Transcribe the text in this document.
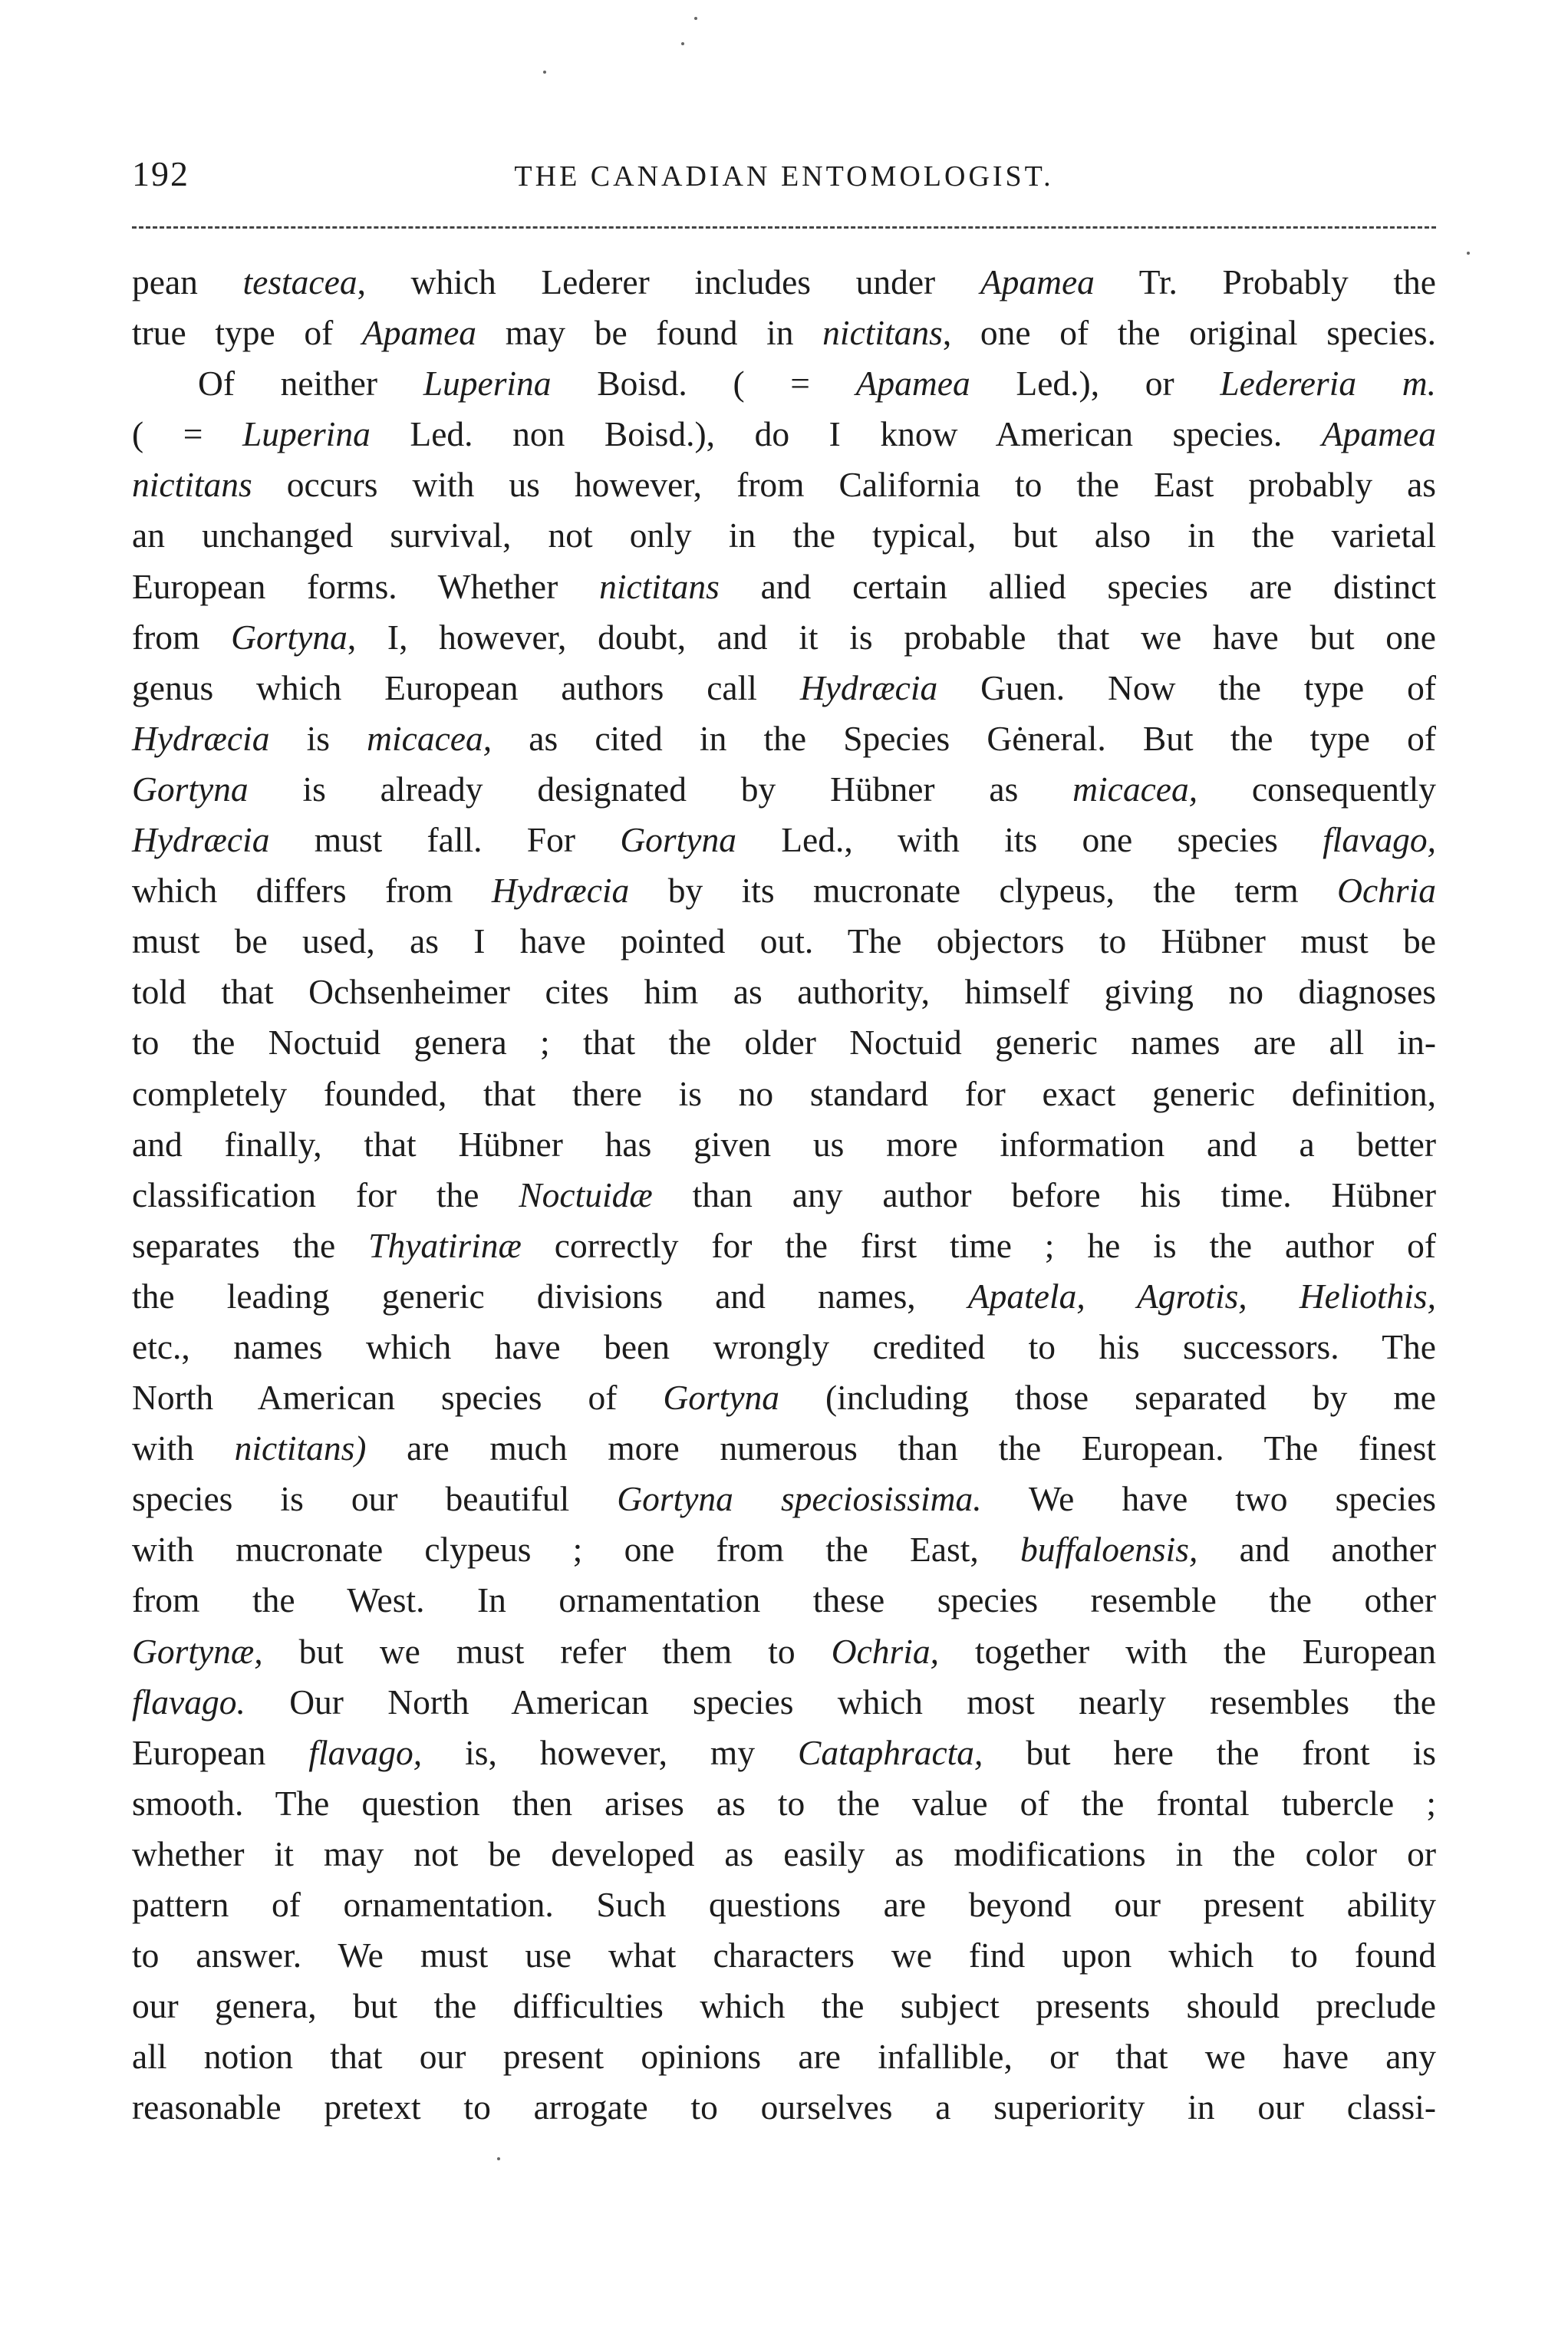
192	THE CANADIAN ENTOMOLOGIST.
pean testacea, which Lederer includes under Apamea Tr. Probably the
true type of Apamea may be found in nictitans, one of the original species.
Of neither Luperina Boisd. ( = Apamea Led.), or Ledereria m.
( = Luperina Led. non Boisd.), do I know American species. Apamea
nictitans occurs with us however, from California to the East probably as
an unchanged survival, not only in the typical, but also in the varietal
European forms. Whether nictitans and certain allied species are distinct
from Gortyna, I, however, doubt, and it is probable that we have but one
genus which European authors call Hydræcia Guen. Now the type of
Hydræcia is micacea, as cited in the Species Gėneral. But the type of
Gortyna is already designated by Hübner as micacea, consequently
Hydræcia must fall. For Gortyna Led., with its one species flavago,
which differs from Hydræcia by its mucronate clypeus, the term Ochria
must be used, as I have pointed out. The objectors to Hübner must be
told that Ochsenheimer cites him as authority, himself giving no diagnoses
to the Noctuid genera ; that the older Noctuid generic names are all in-
completely founded, that there is no standard for exact generic definition,
and finally, that Hübner has given us more information and a better
classification for the Noctuidæ than any author before his time. Hübner
separates the Thyatirinæ correctly for the first time ; he is the author of
the leading generic divisions and names, Apatela, Agrotis, Heliothis,
etc., names which have been wrongly credited to his successors. The
North American species of Gortyna (including those separated by me
with nictitans) are much more numerous than the European. The finest
species is our beautiful Gortyna speciosissima. We have two species
with mucronate clypeus ; one from the East, buffaloensis, and another
from the West. In ornamentation these species resemble the other
Gortynæ, but we must refer them to Ochria, together with the European
flavago. Our North American species which most nearly resembles the
European flavago, is, however, my Cataphracta, but here the front is
smooth. The question then arises as to the value of the frontal tubercle ;
whether it may not be developed as easily as modifications in the color or
pattern of ornamentation. Such questions are beyond our present ability
to answer. We must use what characters we find upon which to found
our genera, but the difficulties which the subject presents should preclude
all notion that our present opinions are infallible, or that we have any
reasonable pretext to arrogate to ourselves a superiority in our classi-
